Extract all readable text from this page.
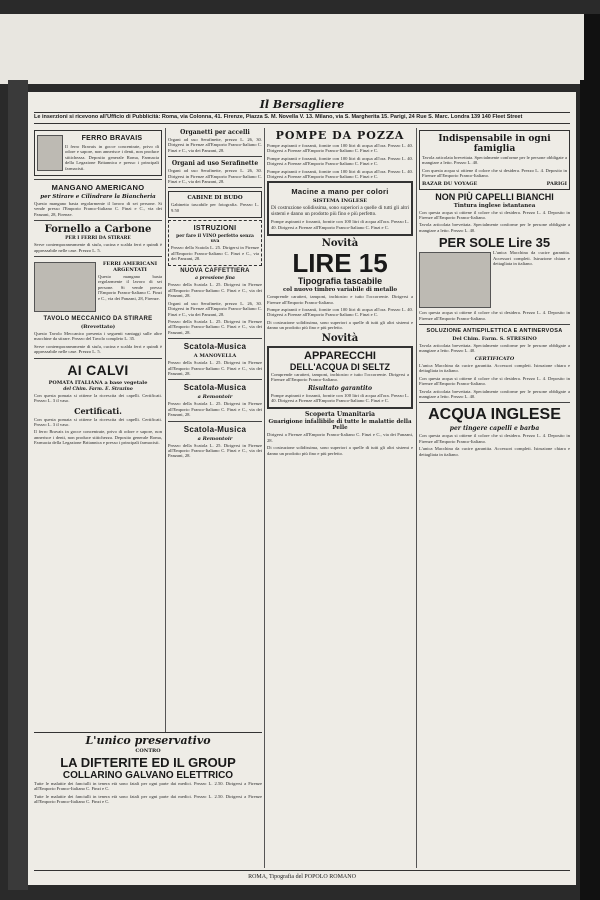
Il Bersagliere
Le inserzioni si ricevono all'Ufficio di Pubblicità: Roma, via Colonna, 41. Firenze, Piazza S. M. Novella V. 13. Milano, via S. Margherita 15. Parigi, 24 Rue S. Marc. Londra 139 140 Fleet Street
FERRO BRAVAIS

Il ferro Bravais in gocce concentrate, privo di odore e sapore, non annerisce i denti, non produce stitichezza. Deposito generale Roma, Farmacia della Legazione Britannica e presso i principali farmacisti.

MANGANO AMERICANO
per Stirare e Cilindrare la Biancheria

Questo mangano basta regolarmente il lavoro di sei persone. Si vende presso l'Emporio Franco-Italiano C. Finzi e C., via dei Panzani, 28, Firenze.

Fornello a Carbone
PER I FERRI DA STIRARE

Serve contemporaneamente di stufa, cucina e scalda ferri e quindi è apprezzabile nelle case. Prezzo L. 5.

FERRI AMERICANI ARGENTATI

Questo mangano basta regolarmente il lavoro di sei persone. Si vende presso l'Emporio Franco-Italiano C. Finzi e C., via dei Panzani, 28, Firenze.

TAVOLO MECCANICO DA STIRARE
(Brevettato)

Questo Tavolo Meccanico presenta i seguenti vantaggi sulle altre macchine da stirare. Prezzo del Tavolo completo L. 35.

Serve contemporaneamente di stufa, cucina e scalda ferri e quindi è apprezzabile nelle case. Prezzo L. 5.

AI CALVI
POMATA ITALIANA a base vegetale
del Chim. Farm. E. Strazino

Con questa pomata si ottiene la ricrescita dei capelli. Certificati. Prezzo L. 3 il vaso.

Certificati.

Con questa pomata si ottiene la ricrescita dei capelli. Certificati. Prezzo L. 3 il vaso.

Il ferro Bravais in gocce concentrate, privo di odore e sapore, non annerisce i denti, non produce stitichezza. Deposito generale Roma, Farmacia della Legazione Britannica e presso i principali farmacisti.

Organetti per accelli

Organi ad uso Serafinette, prezzo L. 26, 30. Dirigersi in Firenze all'Emporio Franco-Italiano C. Finzi e C., via dei Panzani, 28.

Organi ad uso Serafinette

Organi ad uso Serafinette, prezzo L. 26, 30. Dirigersi in Firenze all'Emporio Franco-Italiano C. Finzi e C., via dei Panzani, 28.

CABINE DI BUDO

Gabinetto tascabile per fotografia. Prezzo L. 9.50

ISTRUZIONI
per fare il VINO perfetto senza uva

Prezzo della Scatola L. 25. Dirigersi in Firenze all'Emporio Franco-Italiano C. Finzi e C., via dei Panzani, 28.

NUOVA CAFFETTIERA
a pressione fina

Prezzo della Scatola L. 25. Dirigersi in Firenze all'Emporio Franco-Italiano C. Finzi e C., via dei Panzani, 28.

Organi ad uso Serafinette, prezzo L. 26, 30. Dirigersi in Firenze all'Emporio Franco-Italiano C. Finzi e C., via dei Panzani, 28.

Prezzo della Scatola L. 25. Dirigersi in Firenze all'Emporio Franco-Italiano C. Finzi e C., via dei Panzani, 28.

Scatola-Musica
A MANOVELLA

Prezzo della Scatola L. 25. Dirigersi in Firenze all'Emporio Franco-Italiano C. Finzi e C., via dei Panzani, 28.

Scatola-Musica
a Remontoir

Prezzo della Scatola L. 25. Dirigersi in Firenze all'Emporio Franco-Italiano C. Finzi e C., via dei Panzani, 28.

Scatola-Musica
a Remontoir

Prezzo della Scatola L. 25. Dirigersi in Firenze all'Emporio Franco-Italiano C. Finzi e C., via dei Panzani, 28.

POMPE DA POZZA

Pompe aspiranti e forzanti, fornite con 100 litri di acqua all'ora. Prezzo L. 40. Dirigersi a Firenze all'Emporio Franco-Italiano C. Finzi e C.

Pompe aspiranti e forzanti, fornite con 100 litri di acqua all'ora. Prezzo L. 40. Dirigersi a Firenze all'Emporio Franco-Italiano C. Finzi e C.

Pompe aspiranti e forzanti, fornite con 100 litri di acqua all'ora. Prezzo L. 40. Dirigersi a Firenze all'Emporio Franco-Italiano C. Finzi e C.

Macine a mano per colori
SISTEMA INGLESE

Di costruzione solidissima, sono superiori a quelle di tutti gli altri sistemi e danno un prodotto più fino e più perfetto.

Pompe aspiranti e forzanti, fornite con 100 litri di acqua all'ora. Prezzo L. 40. Dirigersi a Firenze all'Emporio Franco-Italiano C. Finzi e C.

Novità
LIRE 15
Tipografia tascabile
col nuovo timbro variabile di metallo

Comprende caratteri, tamponi, inchiostro e tutto l'occorrente. Dirigersi a Firenze all'Emporio Franco-Italiano.

Pompe aspiranti e forzanti, fornite con 100 litri di acqua all'ora. Prezzo L. 40. Dirigersi a Firenze all'Emporio Franco-Italiano C. Finzi e C.

Di costruzione solidissima, sono superiori a quelle di tutti gli altri sistemi e danno un prodotto più fino e più perfetto.

Novità
APPARECCHI
DELL'ACQUA DI SELTZ

Comprende caratteri, tamponi, inchiostro e tutto l'occorrente. Dirigersi a Firenze all'Emporio Franco-Italiano.

Risultato garantito

Pompe aspiranti e forzanti, fornite con 100 litri di acqua all'ora. Prezzo L. 40. Dirigersi a Firenze all'Emporio Franco-Italiano C. Finzi e C.

Scoperta Umanitaria
Guarigione infallibile di tutte le malattie della Pelle

Dirigersi a Firenze all'Emporio Franco-Italiano C. Finzi e C., via dei Panzani, 28.

Di costruzione solidissima, sono superiori a quelle di tutti gli altri sistemi e danno un prodotto più fino e più perfetto.

Indispensabile in ogni famiglia

Tavola articolata brevettata. Specialmente conforme per le persone obbligate a mangiare a letto. Prezzo L. 40.

Con questa acqua si ottiene il colore che si desidera. Prezzo L. 4. Deposito in Firenze all'Emporio Franco-Italiano.

BAZAR DU VOYAGE	PARIGI
NON PIÙ CAPELLI BIANCHI
Tintura inglese istantanea

Con questa acqua si ottiene il colore che si desidera. Prezzo L. 4. Deposito in Firenze all'Emporio Franco-Italiano.

Tavola articolata brevettata. Specialmente conforme per le persone obbligate a mangiare a letto. Prezzo L. 40.

PER SOLE Lire 35

L'unica Macchina da cucire garantita. Accessori completi. Istruzione chiara e dettagliata in italiano.

Con questa acqua si ottiene il colore che si desidera. Prezzo L. 4. Deposito in Firenze all'Emporio Franco-Italiano.

SOLUZIONE ANTIEPILETTICA E ANTINERVOSA
Del Chim. Farm. S. STRESINO

Tavola articolata brevettata. Specialmente conforme per le persone obbligate a mangiare a letto. Prezzo L. 40.

CERTIFICATO

L'unica Macchina da cucire garantita. Accessori completi. Istruzione chiara e dettagliata in italiano.

Con questa acqua si ottiene il colore che si desidera. Prezzo L. 4. Deposito in Firenze all'Emporio Franco-Italiano.

Tavola articolata brevettata. Specialmente conforme per le persone obbligate a mangiare a letto. Prezzo L. 40.

ACQUA INGLESE
per tingere capelli e barba

Con questa acqua si ottiene il colore che si desidera. Prezzo L. 4. Deposito in Firenze all'Emporio Franco-Italiano.

L'unica Macchina da cucire garantita. Accessori completi. Istruzione chiara e dettagliata in italiano.

L'unico preservativo
CONTRO
LA DIFTERITE ED IL GROUP
COLLARINO GALVANO ELETTRICO

Tutte le malattie dei fanciulli in tenera età sono fatali per ogni parte dai medici. Prezzo L. 2.50. Dirigersi a Firenze all'Emporio Franco-Italiano C. Finzi e C.

Tutte le malattie dei fanciulli in tenera età sono fatali per ogni parte dai medici. Prezzo L. 2.50. Dirigersi a Firenze all'Emporio Franco-Italiano C. Finzi e C.

ROMA, Tipografia del POPOLO ROMANO
